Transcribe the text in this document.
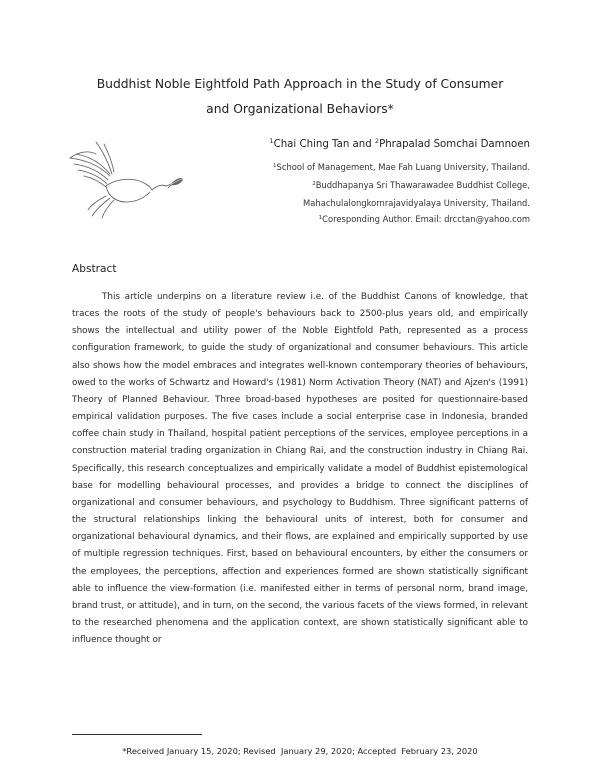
Buddhist Noble Eightfold Path Approach in the Study of Consumer
and Organizational Behaviors*
$^1$Chai Ching Tan and $^2$Phrapalad Somchai Damnoen
$^1$School of Management, Mae Fah Luang University, Thailand.
$^2$Buddhapanya Sri Thawarawadee Buddhist College,
Mahachulalongkornrajavidyalaya University, Thailand.
$^1$Coresponding Author. Email: drcctan@yahoo.com
Abstract

This article underpins on a literature review i.e. of the Buddhist Canons of knowledge, that traces the roots of the study of people's behaviours back to 2500-plus years old, and empirically shows the intellectual and utility power of the Noble Eightfold Path, represented as a process configuration framework, to guide the study of organizational and consumer behaviours. This article also shows how the model embraces and integrates well-known contemporary theories of behaviours, owed to the works of Schwartz and Howard's (1981) Norm Activation Theory (NAT) and Ajzen's (1991) Theory of Planned Behaviour. Three broad-based hypotheses are posited for questionnaire-based empirical validation purposes. The five cases include a social enterprise case in Indonesia, branded coffee chain study in Thailand, hospital patient perceptions of the services, employee perceptions in a construction material trading organization in Chiang Rai, and the construction industry in Chiang Rai. Specifically, this research conceptualizes and empirically validate a model of Buddhist epistemological base for modelling behavioural processes, and provides a bridge to connect the disciplines of organizational and consumer behaviours, and psychology to Buddhism. Three significant patterns of the structural relationships linking the behavioural units of interest, both for consumer and organizational behavioural dynamics, and their flows, are explained and empirically supported by use of multiple regression techniques. First, based on behavioural encounters, by either the consumers or the employees, the perceptions, affection and experiences formed are shown statistically significant able to influence the view-formation (i.e. manifested either in terms of personal norm, brand image, brand trust, or attitude), and in turn, on the second, the various facets of the views formed, in relevant to the researched phenomena and the application context, are shown statistically significant able to influence thought or

*Received January 15, 2020; Revised  January 29, 2020; Accepted  February 23, 2020
